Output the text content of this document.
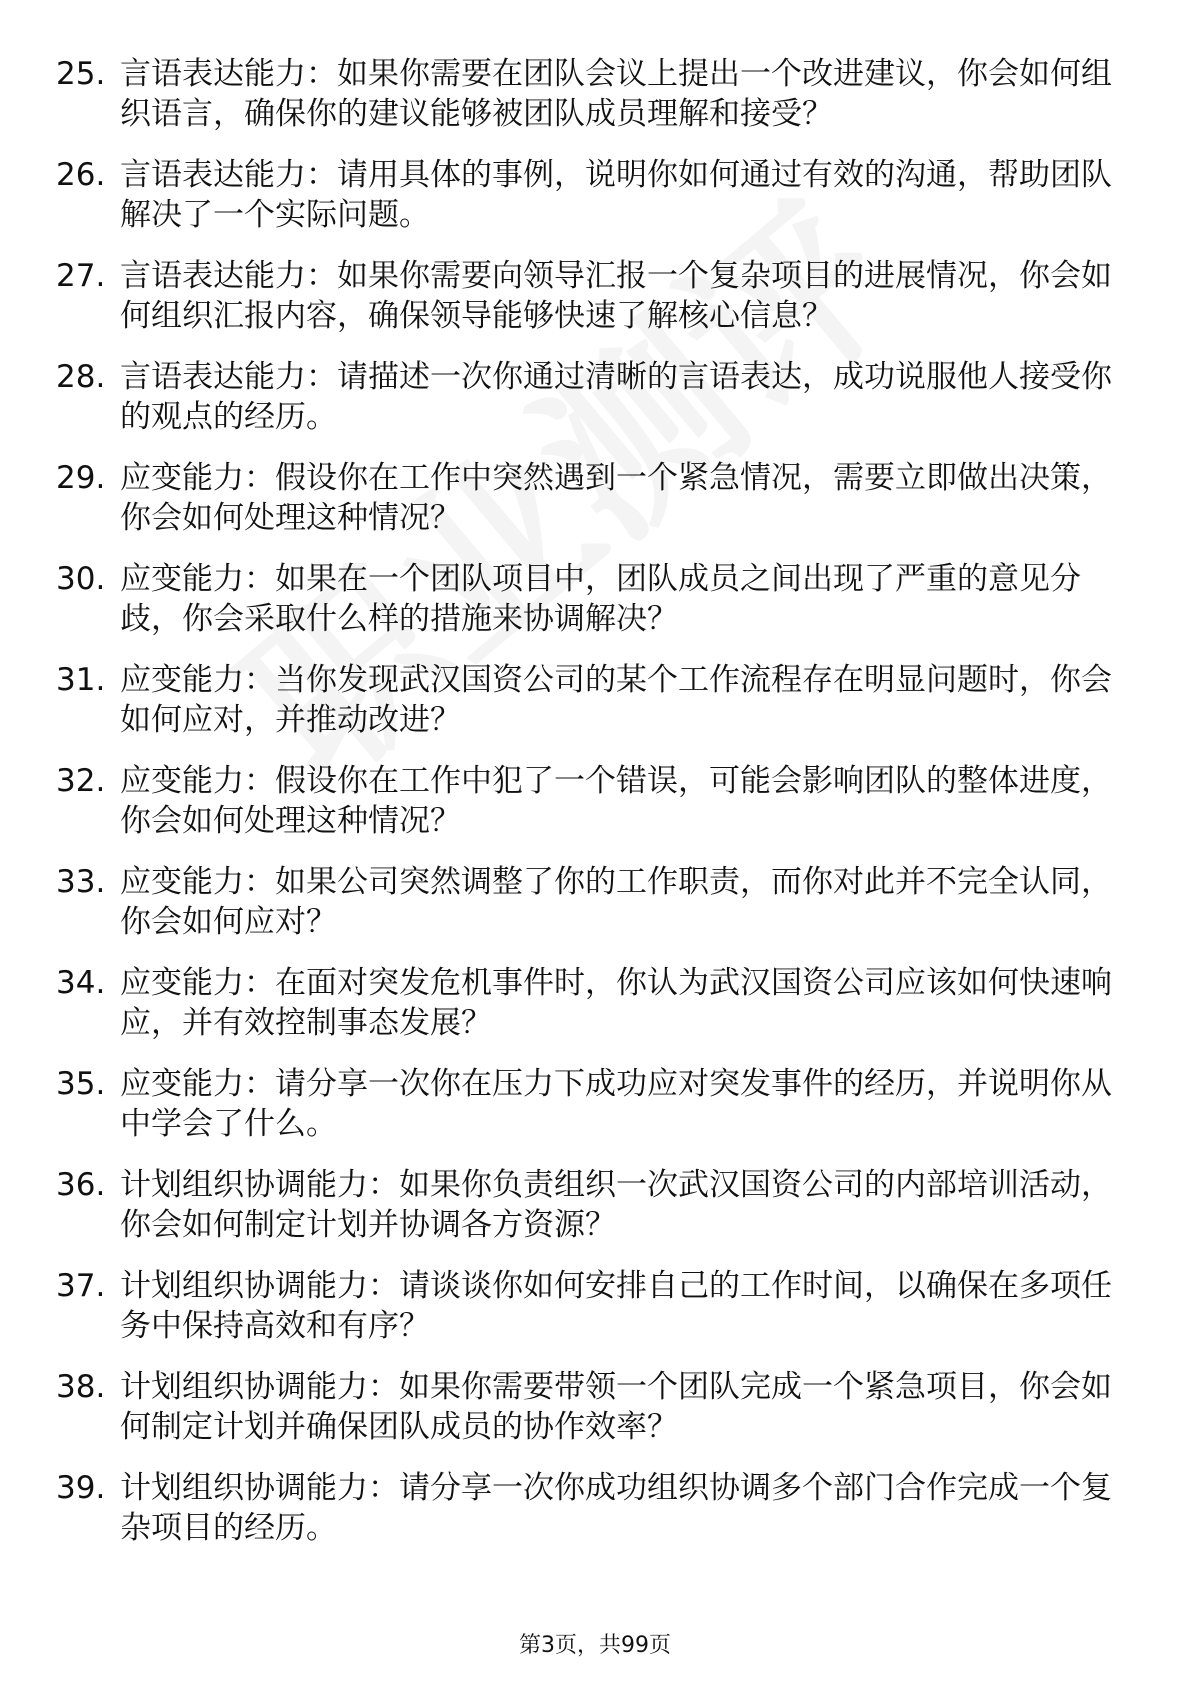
25. 言语表达能力：如果你需要在团队会议上提出一个改进建议，你会如何组织语言，确保你的建议能够被团队成员理解和接受？
26. 言语表达能力：请用具体的事例，说明你如何通过有效的沟通，帮助团队解决了一个实际问题。
27. 言语表达能力：如果你需要向领导汇报一个复杂项目的进展情况，你会如何组织汇报内容，确保领导能够快速了解核心信息？
28. 言语表达能力：请描述一次你通过清晰的言语表达，成功说服他人接受你的观点的经历。
29. 应变能力：假设你在工作中突然遇到一个紧急情况，需要立即做出决策，你会如何处理这种情况？
30. 应变能力：如果在一个团队项目中，团队成员之间出现了严重的意见分歧，你会采取什么样的措施来协调解决？
31. 应变能力：当你发现武汉国资公司的某个工作流程存在明显问题时，你会如何应对，并推动改进？
32. 应变能力：假设你在工作中犯了一个错误，可能会影响团队的整体进度，你会如何处理这种情况？
33. 应变能力：如果公司突然调整了你的工作职责，而你对此并不完全认同，你会如何应对？
34. 应变能力：在面对突发危机事件时，你认为武汉国资公司应该如何快速响应，并有效控制事态发展？
35. 应变能力：请分享一次你在压力下成功应对突发事件的经历，并说明你从中学会了什么。
36. 计划组织协调能力：如果你负责组织一次武汉国资公司的内部培训活动，你会如何制定计划并协调各方资源？
37. 计划组织协调能力：请谈谈你如何安排自己的工作时间，以确保在多项任务中保持高效和有序？
38. 计划组织协调能力：如果你需要带领一个团队完成一个紧急项目，你会如何制定计划并确保团队成员的协作效率？
39. 计划组织协调能力：请分享一次你成功组织协调多个部门合作完成一个复杂项目的经历。
第3页，共99页
